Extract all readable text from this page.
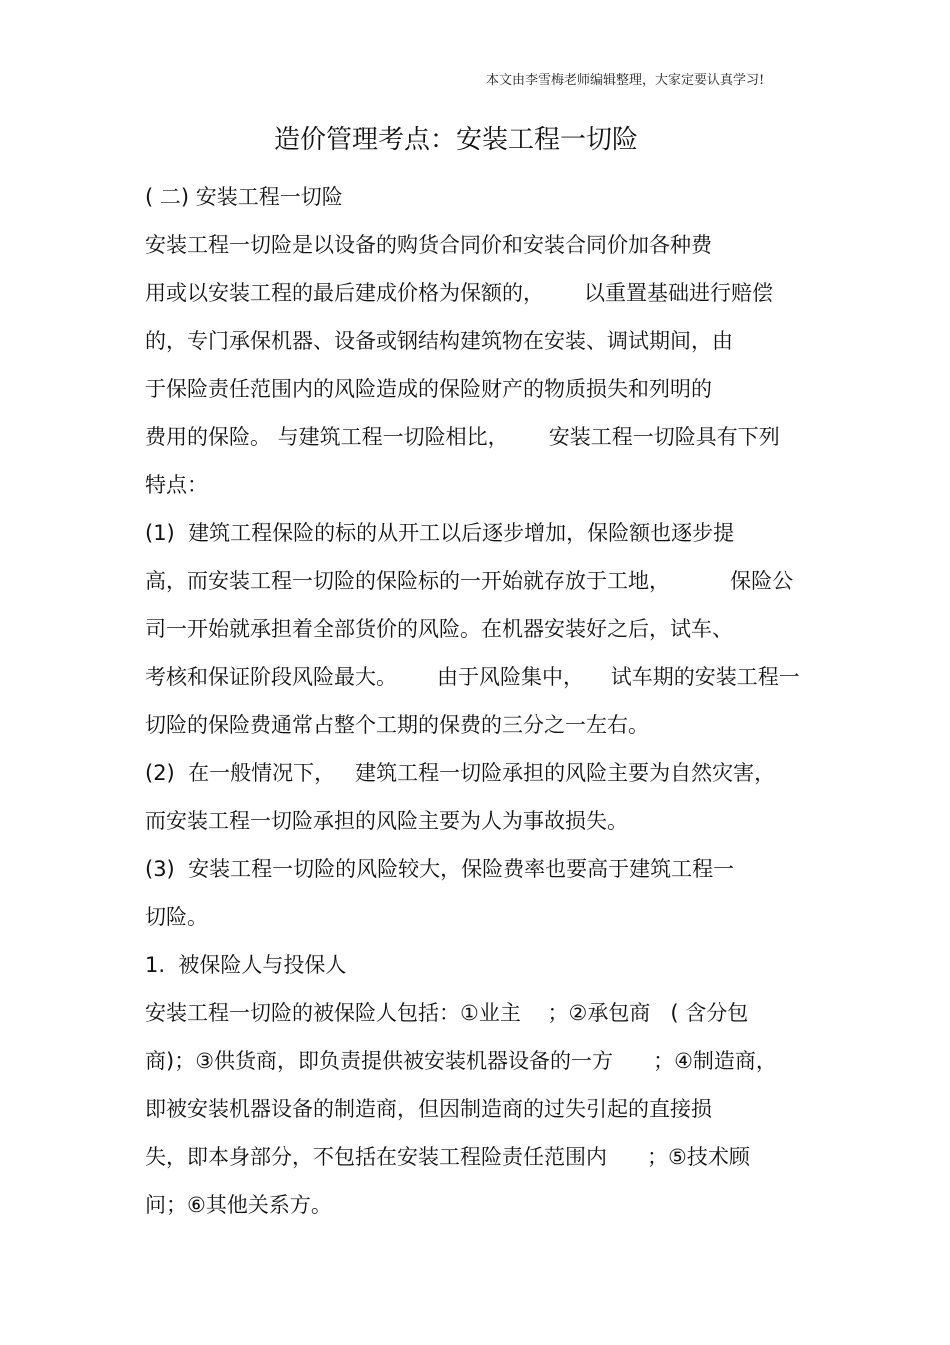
本文由李雪梅老师编辑整理，大家定要认真学习!
造价管理考点：安装工程一切险
( 二) 安装工程一切险
安装工程一切险是以设备的购货合同价和安装合同价加各种费
用或以安装工程的最后建成价格为保额的，      以重置基础进行赔偿
的，专门承保机器、设备或钢结构建筑物在安装、调试期间，由
于保险责任范围内的风险造成的保险财产的物质损失和列明的
费用的保险。 与建筑工程一切险相比，      安装工程一切险具有下列
特点：
(1)  建筑工程保险的标的从开工以后逐步增加，保险额也逐步提
高，而安装工程一切险的保险标的一开始就存放于工地，         保险公
司一开始就承担着全部货价的风险。在机器安装好之后，试车、
考核和保证阶段风险最大。      由于风险集中，    试车期的安装工程一
切险的保险费通常占整个工期的保费的三分之一左右。
(2)  在一般情况下，   建筑工程一切险承担的风险主要为自然灾害，
而安装工程一切险承担的风险主要为人为事故损失。
(3)  安装工程一切险的风险较大，保险费率也要高于建筑工程一
切险。
1.  被保险人与投保人
安装工程一切险的被保险人包括：①业主    ；②承包商   ( 含分包
商)；③供货商，即负责提供被安装机器设备的一方      ；④制造商，
即被安装机器设备的制造商，但因制造商的过失引起的直接损
失，即本身部分，不包括在安装工程险责任范围内      ；⑤技术顾
问；⑥其他关系方。
